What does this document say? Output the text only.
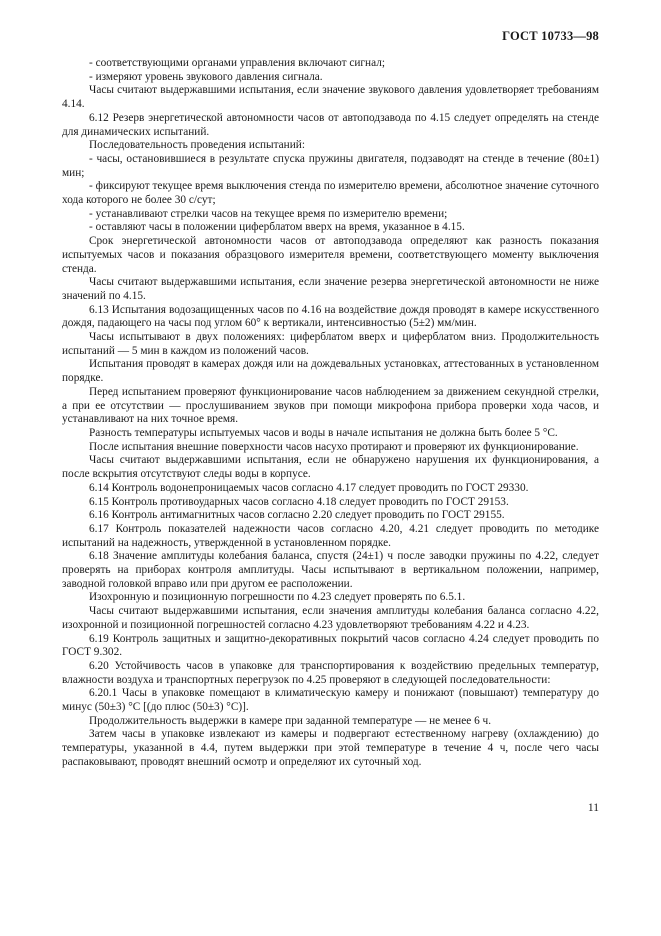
ГОСТ 10733—98

- соответствующими органами управления включают сигнал;

- измеряют уровень звукового давления сигнала.

Часы считают выдержавшими испытания, если значение звукового давления удовлетворяет требованиям 4.14.

6.12 Резерв энергетической автономности часов от автоподзавода по 4.15 следует определять на стенде для динамических испытаний.

Последовательность проведения испытаний:

- часы, остановившиеся в результате спуска пружины двигателя, подзаводят на стенде в течение (80±1) мин;

- фиксируют текущее время выключения стенда по измерителю времени, абсолютное значение суточного хода которого не более 30 с/сут;

- устанавливают стрелки часов на текущее время по измерителю времени;

- оставляют часы в положении циферблатом вверх на время, указанное в 4.15.

Срок энергетической автономности часов от автоподзавода определяют как разность показания испытуемых часов и показания образцового измерителя времени, соответствующего моменту выключения стенда.

Часы считают выдержавшими испытания, если значение резерва энергетической автономности не ниже значений по 4.15.

6.13 Испытания водозащищенных часов по 4.16 на воздействие дождя проводят в камере искусственного дождя, падающего на часы под углом 60° к вертикали, интенсивностью (5±2) мм/мин.

Часы испытывают в двух положениях: циферблатом вверх и циферблатом вниз. Продолжительность испытаний — 5 мин в каждом из положений часов.

Испытания проводят в камерах дождя или на дождевальных установках, аттестованных в установленном порядке.

Перед испытанием проверяют функционирование часов наблюдением за движением секундной стрелки, а при ее отсутствии — прослушиванием звуков при помощи микрофона прибора проверки хода часов, и устанавливают на них точное время.

Разность температуры испытуемых часов и воды в начале испытания не должна быть более 5 °С.

После испытания внешние поверхности часов насухо протирают и проверяют их функционирование.

Часы считают выдержавшими испытания, если не обнаружено нарушения их функционирования, а после вскрытия отсутствуют следы воды в корпусе.

6.14 Контроль водонепроницаемых часов согласно 4.17 следует проводить по ГОСТ 29330.

6.15 Контроль противоударных часов согласно 4.18 следует проводить по ГОСТ 29153.

6.16 Контроль антимагнитных часов согласно 2.20 следует проводить по ГОСТ 29155.

6.17 Контроль показателей надежности часов согласно 4.20, 4.21 следует проводить по методике испытаний на надежность, утвержденной в установленном порядке.

6.18 Значение амплитуды колебания баланса, спустя (24±1) ч после заводки пружины по 4.22, следует проверять на приборах контроля амплитуды. Часы испытывают в вертикальном положении, например, заводной головкой вправо или при другом ее расположении.

Изохронную и позиционную погрешности по 4.23 следует проверять по 6.5.1.

Часы считают выдержавшими испытания, если значения амплитуды колебания баланса согласно 4.22, изохронной и позиционной погрешностей согласно 4.23 удовлетворяют требованиям 4.22 и 4.23.

6.19 Контроль защитных и защитно-декоративных покрытий часов согласно 4.24 следует проводить по ГОСТ 9.302.

6.20 Устойчивость часов в упаковке для транспортирования к воздействию предельных температур, влажности воздуха и транспортных перегрузок по 4.25 проверяют в следующей последовательности:

6.20.1 Часы в упаковке помещают в климатическую камеру и понижают (повышают) температуру до минус (50±3) °С [(до плюс (50±3) °С)].

Продолжительность выдержки в камере при заданной температуре — не менее 6 ч.

Затем часы в упаковке извлекают из камеры и подвергают естественному нагреву (охлаждению) до температуры, указанной в 4.4, путем выдержки при этой температуре в течение 4 ч, после чего часы распаковывают, проводят внешний осмотр и определяют их суточный ход.

11
